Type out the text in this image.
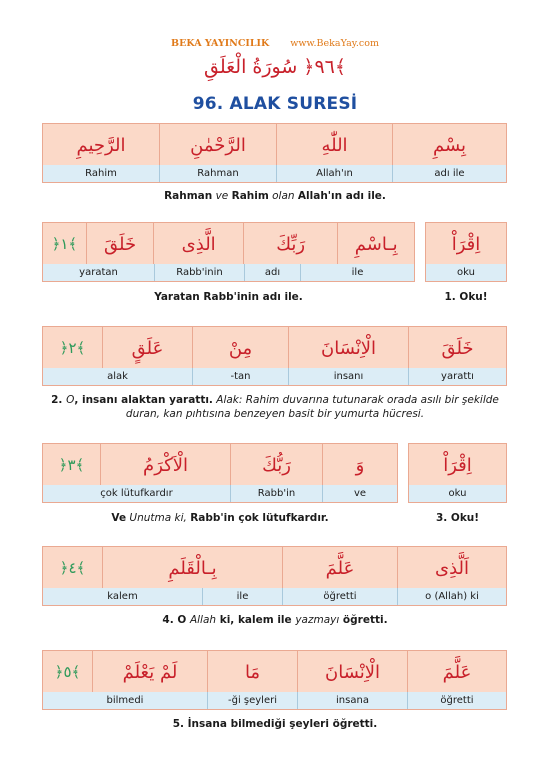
BEKA YAYINCILIK www.BekaYay.com
﴾٩٦﴿ سُورَةُ الْعَلَقِ
96. ALAK SURESİ
الرَّحِيمِ	الرَّحْمٰنِ	اللّٰهِ	بِسْمِ
Rahim	Rahman	Allah'ın	adı ile
Rahman ve Rahim olan Allah'ın adı ile.
﴾١﴿	خَلَقَ	الَّذِى	رَبِّكَ	بِـاسْمِ
yaratan	Rabb'inin	adı	ile
اِقْرَاْ
oku
Yaratan Rabb'inin adı ile.	1. Oku!
﴾٢﴿	عَلَقٍ	مِنْ	الْاِنْسَانَ	خَلَقَ
alak	-tan	insanı	yarattı
2. O, insanı alaktan yarattı. Alak: Rahim duvarına tutunarak orada asılı bir şekilde
duran, kan pıhtısına benzeyen basit bir yumurta hücresi.
﴾٣﴿	الْاَكْرَمُ	رَبُّكَ	وَ
çok lütufkardır	Rabb'in	ve
اِقْرَاْ
oku
Ve Unutma ki, Rabb'in çok lütufkardır.	3. Oku!
﴾٤﴿	بِـالْقَلَمِ	عَلَّمَ	اَلَّذِى
kalem	ile	öğretti	o (Allah) ki
4. O Allah ki, kalem ile yazmayı öğretti.
﴾٥﴿	لَمْ يَعْلَمْ	مَا	الْاِنْسَانَ	عَلَّمَ
bilmedi	-ği şeyleri	insana	öğretti
5. İnsana bilmediği şeyleri öğretti.
